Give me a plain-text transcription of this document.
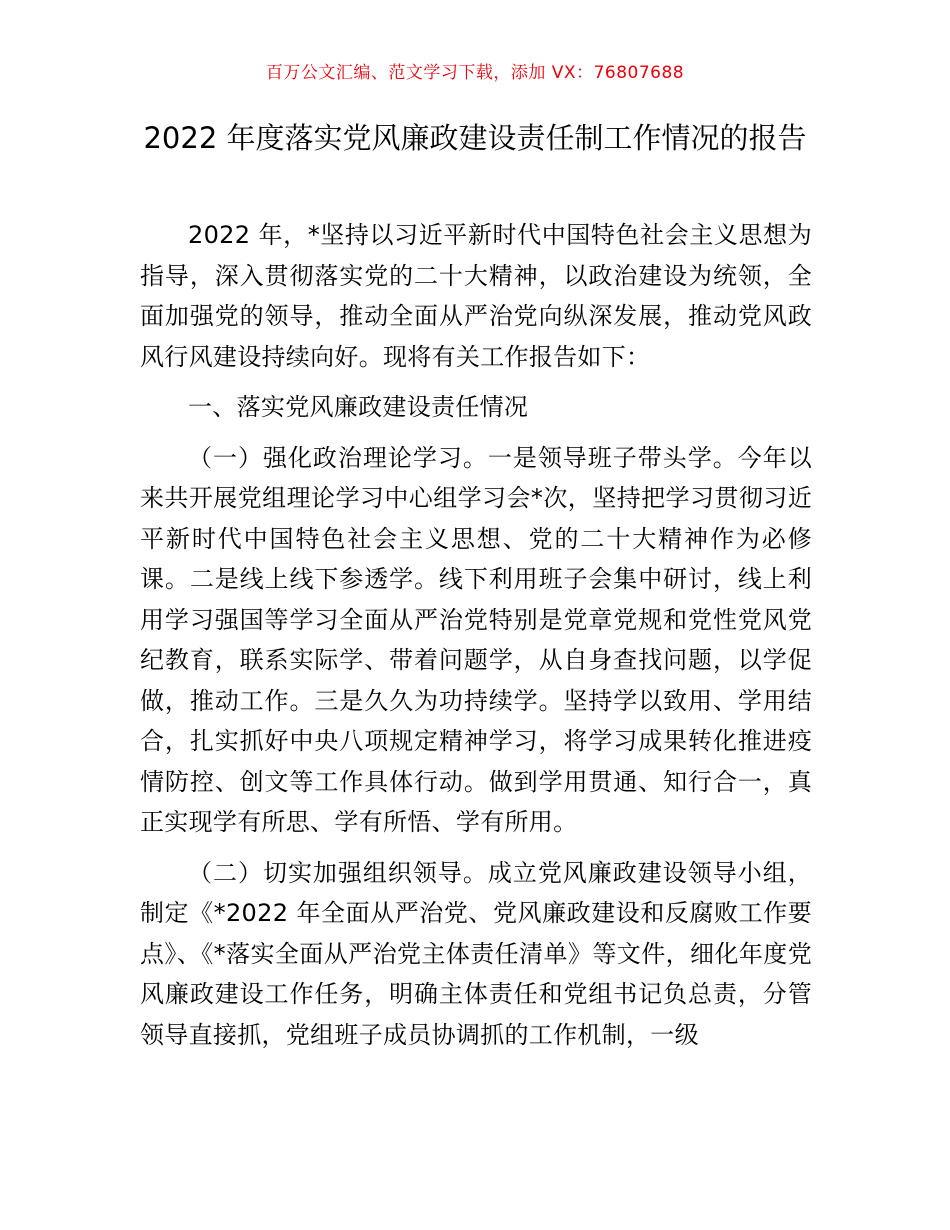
百万公文汇编、范文学习下载，添加 VX：76807688
2022 年度落实党风廉政建设责任制工作情况的报告

2022 年，*坚持以习近平新时代中国特色社会主义思想为指导，深入贯彻落实党的二十大精神，以政治建设为统领，全面加强党的领导，推动全面从严治党向纵深发展，推动党风政风行风建设持续向好。现将有关工作报告如下：

一、落实党风廉政建设责任情况

（一）强化政治理论学习。一是领导班子带头学。今年以来共开展党组理论学习中心组学习会*次，坚持把学习贯彻习近平新时代中国特色社会主义思想、党的二十大精神作为必修课。二是线上线下参透学。线下利用班子会集中研讨，线上利用学习强国等学习全面从严治党特别是党章党规和党性党风党纪教育，联系实际学、带着问题学，从自身查找问题，以学促做，推动工作。三是久久为功持续学。坚持学以致用、学用结合，扎实抓好中央八项规定精神学习，将学习成果转化推进疫情防控、创文等工作具体行动。做到学用贯通、知行合一，真正实现学有所思、学有所悟、学有所用。

（二）切实加强组织领导。成立党风廉政建设领导小组，制定《*2022 年全面从严治党、党风廉政建设和反腐败工作要点》、《*落实全面从严治党主体责任清单》等文件，细化年度党风廉政建设工作任务，明确主体责任和党组书记负总责，分管领导直接抓，党组班子成员协调抓的工作机制，一级
